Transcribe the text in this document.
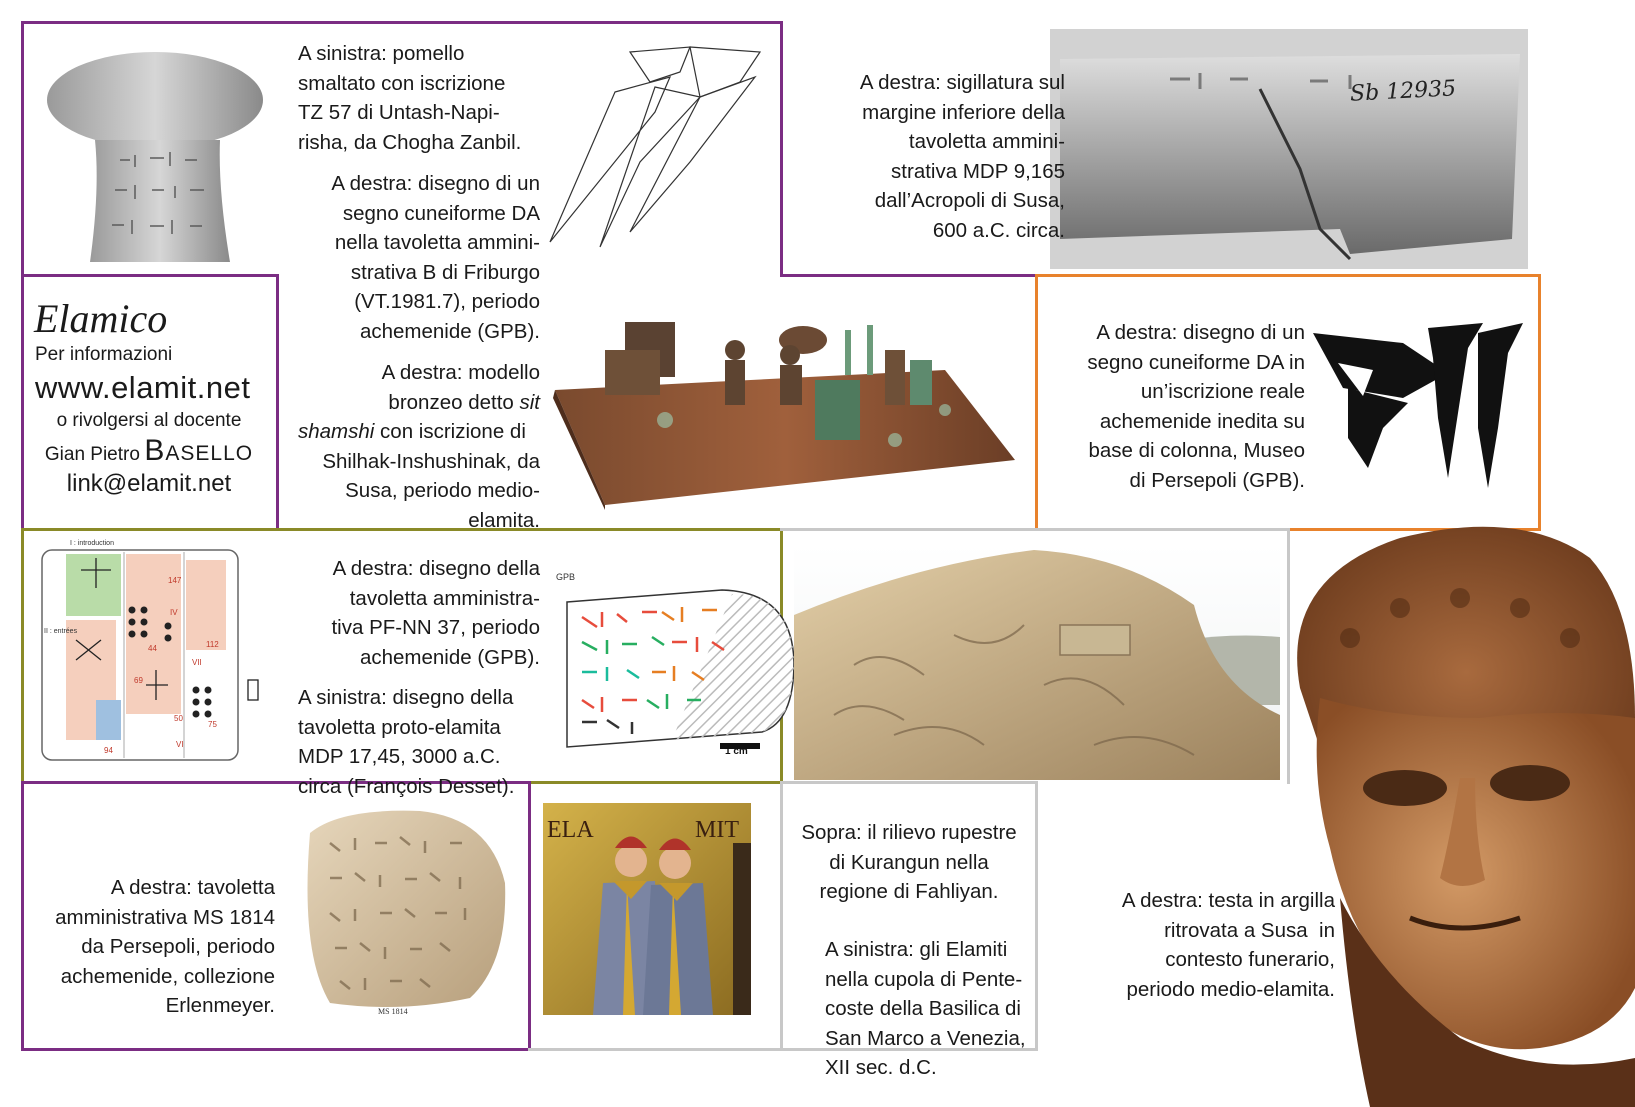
Sb 12935
I : introduction
II : entrées
147
112
IV
44
69
VII
75
50
VI
94
GPB
1 cm
MS 1814
ELA	MIT

A sinistra: pomello

smaltato con iscrizione

TZ 57 di Untash-Napi-

risha, da Chogha Zanbil.

A destra: disegno di un

segno cuneiforme DA

nella tavoletta ammini-

strativa B di Friburgo

(VT.1981.7), periodo

achemenide (GPB).

A destra: modello

bronzeo detto sit

shamshi con iscrizione di

Shilhak-Inshushinak, da

Susa, periodo medio-

elamita.

A destra: sigillatura sul

margine inferiore della

tavoletta ammini-

strativa MDP 9,165

dall’Acropoli di Susa,

600 a.C. circa.

Elamico
Per informazioni
www.elamit.net
o rivolgersi al docente
Gian Pietro Basello
link@elamit.net

A destra: disegno di un

segno cuneiforme DA in

un’iscrizione reale

achemenide inedita su

base di colonna, Museo

di Persepoli (GPB).

A destra: disegno della

tavoletta amministra-

tiva PF-NN 37, periodo

achemenide (GPB).

A sinistra: disegno della

tavoletta proto-elamita

MDP 17,45, 3000 a.C.

circa (François Desset).

Sopra: il rilievo rupestre

di Kurangun nella

regione di Fahliyan.

A sinistra: gli Elamiti

nella cupola di Pente-

coste della Basilica di

San Marco a Venezia,

XII sec. d.C.

A destra: tavoletta

amministrativa MS 1814

da Persepoli, periodo

achemenide, collezione

Erlenmeyer.

A destra: testa in argilla

ritrovata a Susa  in

contesto funerario,

periodo medio-elamita.
